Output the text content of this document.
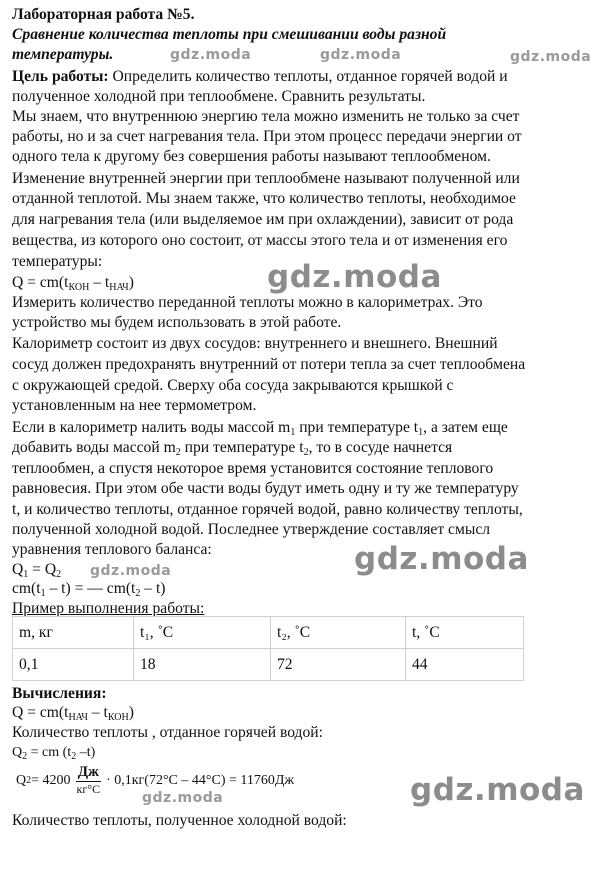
Лабораторная работа №5.
Сравнение количества теплоты при смешивании воды разной
температуры.
Цель работы: Определить количество теплоты, отданное горячей водой и
полученное холодной при теплообмене. Сравнить результаты.
Мы знаем, что внутреннюю энергию тела можно изменить не только за счет
работы, но и за счет нагревания тела. При этом процесс передачи энергии от
одного тела к другому без совершения работы называют теплообменом.
Изменение внутренней энергии при теплообмене называют полученной или
отданной теплотой. Мы знаем также, что количество теплоты, необходимое
для нагревания тела (или выделяемое им при охлаждении), зависит от рода
вещества, из которого оно состоит, от массы этого тела и от изменения его
температуры:
$Q = cm(t_{КОН} - t_{НАЧ})$
Измерить количество переданной теплоты можно в калориметрах. Это
устройство мы будем использовать в этой работе.
Калориметр состоит из двух сосудов: внутреннего и внешнего. Внешний
сосуд должен предохранять внутренний от потери тепла за счет теплообмена
с окружающей средой. Сверху оба сосуда закрываются крышкой с
установленным на нее термометром.
Если в калориметр налить воды массой $m_1$ при температуре $t_1$, а затем еще
добавить воды массой $m_2$ при температуре $t_2$, то в сосуде начнется
теплообмен, а спустя некоторое время установится состояние теплового
равновесия. При этом обе части воды будут иметь одну и ту же температуру
t, и количество теплоты, отданное горячей водой, равно количеству теплоты,
полученной холодной водой. Последнее утверждение составляет смысл
уравнения теплового баланса:
$Q_1 = Q_2$
$cm(t_1 - t)$ = — $cm(t_2 - t)$
Пример выполнения работы:
m, кг	t₁, ˚С	t₂, ˚С	t, ˚С
0,1	18	72	44
Вычисления:
$Q = cm(t_{НАЧ} - t_{КОН})$
Количество теплоты , отданное горячей водой:
$Q_2$ = cm ($t_2$ –t)
Q $2 = 4200 \frac{Дж}{кг^\circ С} \cdot 0,1кг(72^\circ С - 44^\circ С) = 11760Дж$
Количество теплоты, полученное холодной водой:
gdz.moda	gdz.moda	gdz.moda
gdz.moda
gdz.moda
gdz.moda
gdz.moda
gdz.moda
